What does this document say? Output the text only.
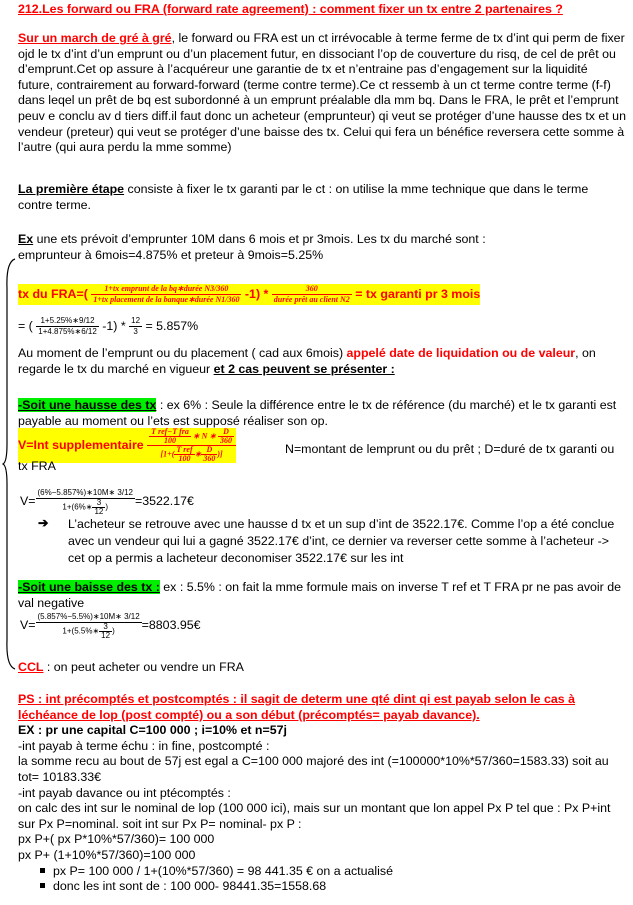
212.Les forward ou FRA (forward rate agreement) : comment fixer un tx entre 2 partenaires ?
Sur un march de gré à gré, le forward ou FRA est un ct irrévocable à terme ferme de tx d’int qui perm de fixer ojd le tx d’int d’un emprunt ou d’un placement futur, en dissociant l’op de couverture du risq, de cel de prêt ou d’emprunt.Cet op assure à l’acquéreur une garantie de tx et n’entraine pas d’engagement sur la liquidité future, contrairement au forward-forward (terme contre terme).Ce ct ressemb à un ct terme contre terme (f-f) dans leqel un prêt de bq est subordonné à un emprunt préalable dla mm bq. Dans le FRA, le prêt et l’emprunt peuv e conclu av d tiers diff.il faut donc un acheteur (emprunteur) qi veut se protéger d’une hausse des tx et un vendeur (preteur) qui veut se protéger d’une baisse des tx. Celui qui fera un bénéfice reversera cette somme à l’autre (qui aura perdu la mme somme)
La première étape consiste à fixer le tx garanti par le ct : on utilise la mme technique que dans le terme contre terme.
Ex une ets prévoit d’emprunter 10M dans 6 mois et pr 3mois. Les tx du marché sont :
emprunteur à 6mois=4.875% et preteur à 9mois=5.25%
tx du $FRA=( \frac{\text{1+tx emprunt de la bq∗durée N3/360}}{\text{1+tx placement de la banque∗durée N1/360}} -1) * \frac{360}{\text{durée prêt au client N2}}$ = tx garanti pr 3 mois
= ( $\frac{1+5.25\%∗9/12}{1+4.875\%∗6/12} -1) * \frac{12}{3} = 5.857\%$
Au moment de l’emprunt ou du placement ( cad aux 6mois) appelé date de liquidation ou de valeur, on regarde le tx du marché en vigueur et 2 cas peuvent se présenter :
-Soit une hausse des tx : ex 6% : Seule la différence entre le tx de référence (du marché) et le tx garanti est payable au moment ou l’ets est supposé réaliser son op.
V=Int supplementaire $\frac{\frac{\text{T ref−T fra}}{100} ∗ N ∗ \frac{D}{360}}{[1+( \frac{\text{T ref}}{100} ∗ \frac{D}{360} )]}$	N=montant de lemprunt ou du prêt ; D=duré de tx garanti ou tx FRA
$V= \frac{(6\%-5.857\%)∗10M∗ 3/12}{1+(6\%∗ \frac{3}{12} )}$ =3522.17€
➔	L’acheteur se retrouve avec une hausse d tx et un sup d’int de 3522.17€. Comme l’op a été conclue avec un vendeur qui lui a gagné 3522.17€ d’int, ce dernier va reverser cette somme à l’acheteur -> cet op a permis a lacheteur deconomiser 3522.17€ sur les int
-Soit une baisse des tx : ex : 5.5% : on fait la mme formule mais on inverse T ref et T FRA pr ne pas avoir de val negative
$V= \frac{(5.857\%-5.5\%)∗10M∗ 3/12}{1+(5.5\%∗ \frac{3}{12} )}$ =8803.95€
CCL : on peut acheter ou vendre un FRA
PS : int précomptés et postcomptés : il sagit de determ une qté dint qi est payab selon le cas à léchéance de lop (post compté) ou a son début (précomptés= payab davance).
EX : pr une capital C=100 000 ; i=10% et n=57j
-int payab à terme échu : in fine, postcompté :
la somme recu au bout de 57j est egal a C=100 000 majoré des int (=100000*10%*57/360=1583.33) soit au tot= 10183.33€
-int payab davance ou int ptécomptés :
on calc des int sur le nominal de lop (100 000 ici), mais sur un montant que lon appel Px P tel que : Px P+int sur Px P=nominal. soit int sur Px P= nominal- px P :
px P+( px P*10%*57/360)= 100 000
px P+ (1+10%*57/360)=100 000
px P= 100 000 / 1+(10%*57/360) = 98 441.35 € on a actualisé
donc les int sont de : 100 000- 98441.35=1558.68
